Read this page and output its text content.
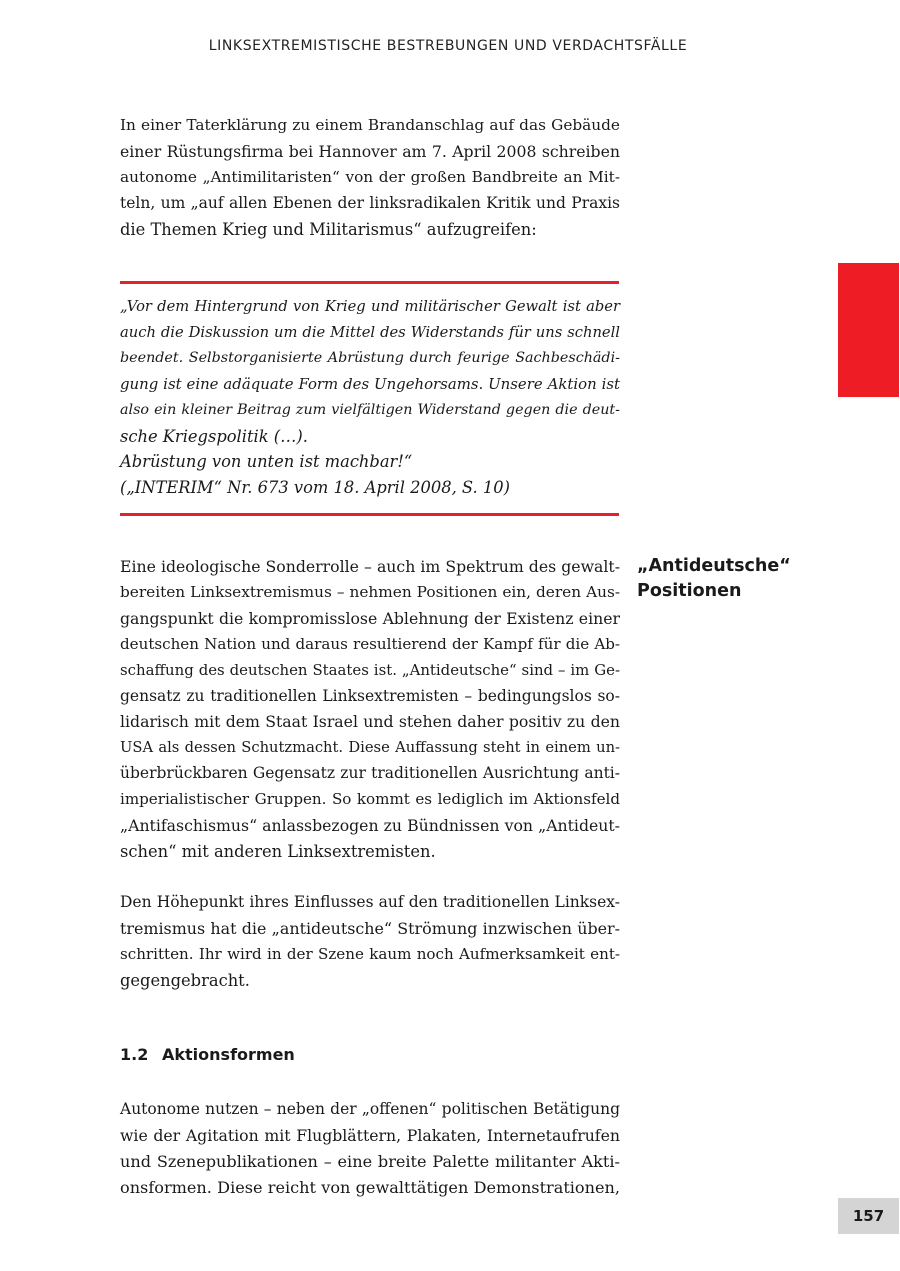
LINKSEXTREMISTISCHE BESTREBUNGEN UND VERDACHTSFÄLLE

In einer Taterklärung zu einem Brandanschlag auf das Gebäude
einer Rüstungsfirma bei Hannover am 7. April 2008 schreiben
autonome „Antimilitaristen“ von der großen Bandbreite an Mit-
teln, um „auf allen Ebenen der linksradikalen Kritik und Praxis
die Themen Krieg und Militarismus“ aufzugreifen:

„Vor dem Hintergrund von Krieg und militärischer Gewalt ist aber
auch die Diskussion um die Mittel des Widerstands für uns schnell
beendet. Selbstorganisierte Abrüstung durch feurige Sachbeschädi-
gung ist eine adäquate Form des Ungehorsams. Unsere Aktion ist
also ein kleiner Beitrag zum vielfältigen Widerstand gegen die deut-
sche Kriegspolitik (…).
Abrüstung von unten ist machbar!“
(„INTERIM“ Nr. 673 vom 18. April 2008, S. 10)

„Antideutsche“
Positionen

Eine ideologische Sonderrolle – auch im Spektrum des gewalt-
bereiten Linksextremismus – nehmen Positionen ein, deren Aus-
gangspunkt die kompromisslose Ablehnung der Existenz einer
deutschen Nation und daraus resultierend der Kampf für die Ab-
schaffung des deutschen Staates ist. „Antideutsche“ sind – im Ge-
gensatz zu traditionellen Linksextremisten – bedingungslos so-
lidarisch mit dem Staat Israel und stehen daher positiv zu den
USA als dessen Schutzmacht. Diese Auffassung steht in einem un-
überbrückbaren Gegensatz zur traditionellen Ausrichtung anti-
imperialistischer Gruppen. So kommt es lediglich im Aktionsfeld
„Antifaschismus“ anlassbezogen zu Bündnissen von „Antideut-
schen“ mit anderen Linksextremisten.

Den Höhepunkt ihres Einflusses auf den traditionellen Linksex-
tremismus hat die „antideutsche“ Strömung inzwischen über-
schritten. Ihr wird in der Szene kaum noch Aufmerksamkeit ent-
gegengebracht.

1.2 Aktionsformen

Autonome nutzen – neben der „offenen“ politischen Betätigung
wie der Agitation mit Flugblättern, Plakaten, Internetaufrufen
und Szenepublikationen – eine breite Palette militanter Akti-
onsformen. Diese reicht von gewalttätigen Demonstrationen,

157
